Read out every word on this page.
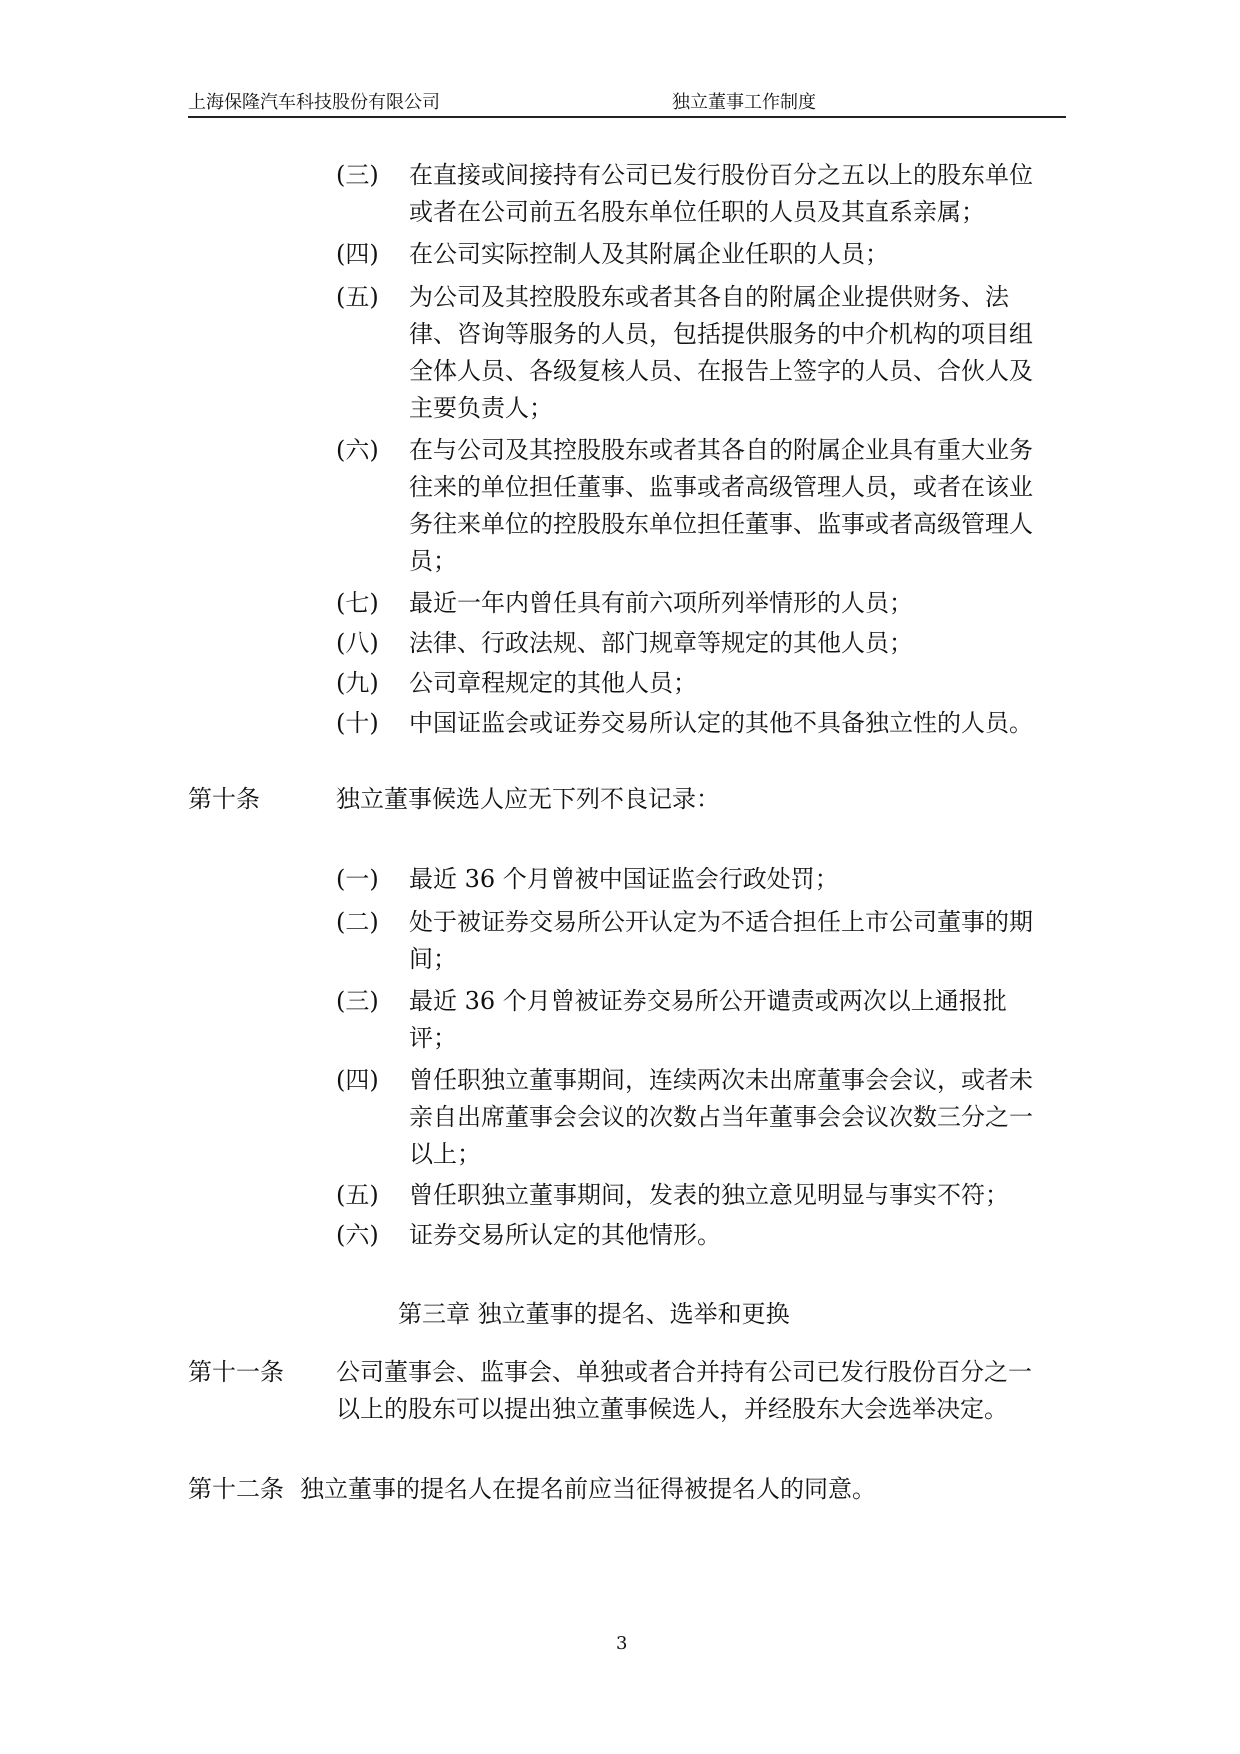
上海保隆汽车科技股份有限公司	独立董事工作制度
(三) 在直接或间接持有公司已发行股份百分之五以上的股东单位
或者在公司前五名股东单位任职的人员及其直系亲属；
(四) 在公司实际控制人及其附属企业任职的人员；
(五) 为公司及其控股股东或者其各自的附属企业提供财务、法
律、咨询等服务的人员，包括提供服务的中介机构的项目组
全体人员、各级复核人员、在报告上签字的人员、合伙人及
主要负责人；
(六) 在与公司及其控股股东或者其各自的附属企业具有重大业务
往来的单位担任董事、监事或者高级管理人员，或者在该业
务往来单位的控股股东单位担任董事、监事或者高级管理人
员；
(七) 最近一年内曾任具有前六项所列举情形的人员；
(八) 法律、行政法规、部门规章等规定的其他人员；
(九) 公司章程规定的其他人员；
(十) 中国证监会或证券交易所认定的其他不具备独立性的人员。
第十条	独立董事候选人应无下列不良记录：
(一) 最近 36 个月曾被中国证监会行政处罚；
(二) 处于被证券交易所公开认定为不适合担任上市公司董事的期
间；
(三) 最近 36 个月曾被证券交易所公开谴责或两次以上通报批
评；
(四) 曾任职独立董事期间，连续两次未出席董事会会议，或者未
亲自出席董事会会议的次数占当年董事会会议次数三分之一
以上；
(五) 曾任职独立董事期间，发表的独立意见明显与事实不符；
(六) 证券交易所认定的其他情形。
第三章 独立董事的提名、选举和更换
第十一条 公司董事会、监事会、单独或者合并持有公司已发行股份百分之一
以上的股东可以提出独立董事候选人，并经股东大会选举决定。
第十二条 独立董事的提名人在提名前应当征得被提名人的同意。
3
